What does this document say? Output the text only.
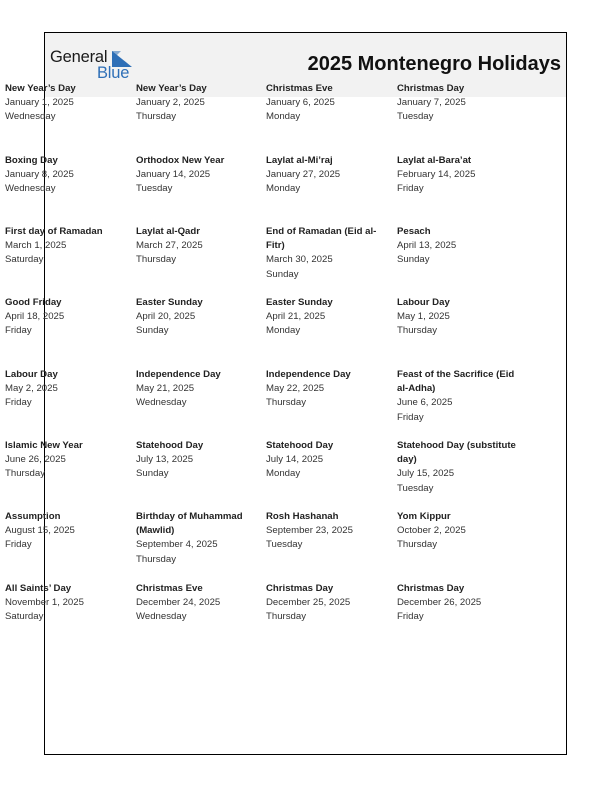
General
Blue	2025 Montenegro Holidays
New Year’s Day
January 1, 2025
Wednesday
New Year’s Day
January 2, 2025
Thursday
Christmas Eve
January 6, 2025
Monday
Christmas Day
January 7, 2025
Tuesday
Boxing Day
January 8, 2025
Wednesday
Orthodox New Year
January 14, 2025
Tuesday
Laylat al-Mi’raj
January 27, 2025
Monday
Laylat al-Bara’at
February 14, 2025
Friday
First day of Ramadan
March 1, 2025
Saturday
Laylat al-Qadr
March 27, 2025
Thursday
End of Ramadan (Eid al-Fitr)
March 30, 2025
Sunday
Pesach
April 13, 2025
Sunday
Good Friday
April 18, 2025
Friday
Easter Sunday
April 20, 2025
Sunday
Easter Sunday
April 21, 2025
Monday
Labour Day
May 1, 2025
Thursday
Labour Day
May 2, 2025
Friday
Independence Day
May 21, 2025
Wednesday
Independence Day
May 22, 2025
Thursday
Feast of the Sacrifice (Eid al-Adha)
June 6, 2025
Friday
Islamic New Year
June 26, 2025
Thursday
Statehood Day
July 13, 2025
Sunday
Statehood Day
July 14, 2025
Monday
Statehood Day (substitute day)
July 15, 2025
Tuesday
Assumption
August 15, 2025
Friday
Birthday of Muhammad (Mawlid)
September 4, 2025
Thursday
Rosh Hashanah
September 23, 2025
Tuesday
Yom Kippur
October 2, 2025
Thursday
All Saints’ Day
November 1, 2025
Saturday
Christmas Eve
December 24, 2025
Wednesday
Christmas Day
December 25, 2025
Thursday
Christmas Day
December 26, 2025
Friday
